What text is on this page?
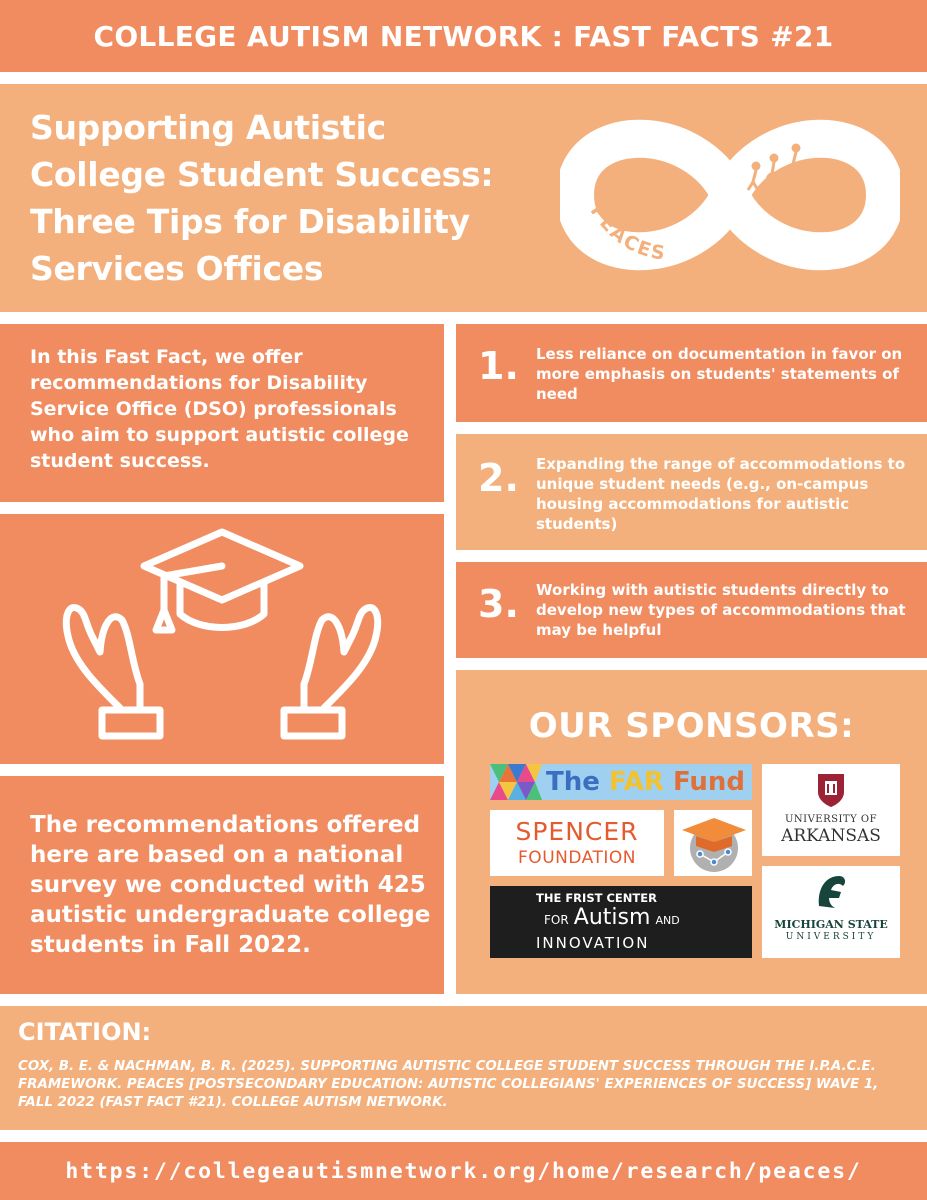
COLLEGE AUTISM NETWORK : FAST FACTS #21
Supporting Autistic
College Student Success:
Three Tips for Disability
Services Offices
PEACES

In this Fast Fact, we offer recommendations for Disability Service Office (DSO) professionals who aim to support autistic college student success.

The recommendations offered here are based on a national survey we conducted with 425 autistic undergraduate college students in Fall 2022.

1. Less reliance on documentation in favor on more emphasis on students' statements of need
2. Expanding the range of accommodations to unique student needs (e.g., on-campus housing accommodations for autistic students)
3. Working with autistic students directly to develop new types of accommodations that may be helpful
OUR SPONSORS:
The FAR Fund
SPENCER
FOUNDATION
UNIVERSITY OF
ARKANSAS
THE FRIST CENTER
FOR Autism AND
INNOVATION
MICHIGAN STATE
UNIVERSITY
CITATION:
COX, B. E. & NACHMAN, B. R. (2025). SUPPORTING AUTISTIC COLLEGE STUDENT SUCCESS THROUGH THE I.P.A.C.E. FRAMEWORK. PEACES [POSTSECONDARY EDUCATION: AUTISTIC COLLEGIANS' EXPERIENCES OF SUCCESS] WAVE 1, FALL 2022 (FAST FACT #21). COLLEGE AUTISM NETWORK.
https://collegeautismnetwork.org/home/research/peaces/
